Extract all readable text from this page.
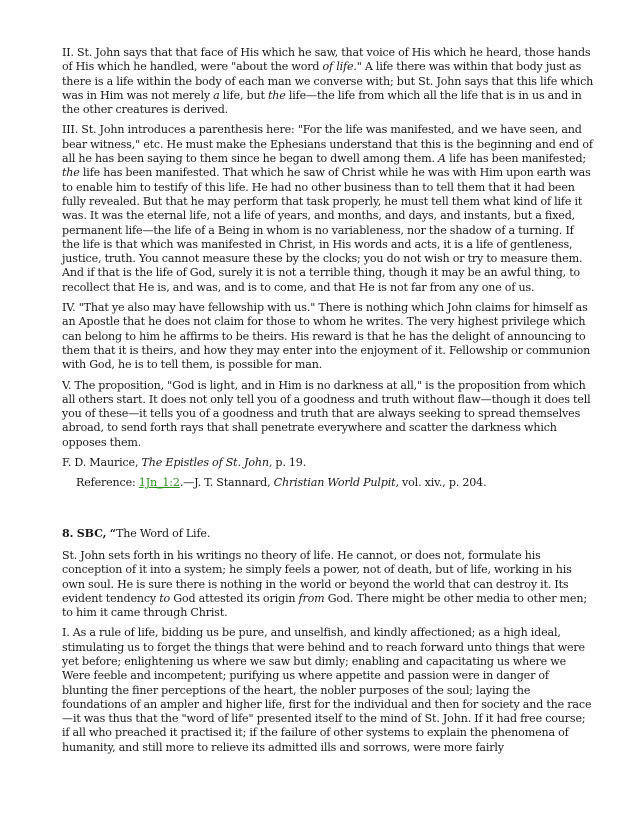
II. St. John says that that face of His which he saw, that voice of His which he heard, those hands of His which he handled, were "about the word of life." A life there was within that body just as there is a life within the body of each man we converse with; but St. John says that this life which was in Him was not merely a life, but the life—the life from which all the life that is in us and in the other creatures is derived.

III. St. John introduces a parenthesis here: "For the life was manifested, and we have seen, and bear witness," etc. He must make the Ephesians understand that this is the beginning and end of all he has been saying to them since he began to dwell among them. A life has been manifested; the life has been manifested. That which he saw of Christ while he was with Him upon earth was to enable him to testify of this life. He had no other business than to tell them that it had been fully revealed. But that he may perform that task properly, he must tell them what kind of life it was. It was the eternal life, not a life of years, and months, and days, and instants, but a fixed, permanent life—the life of a Being in whom is no variableness, nor the shadow of a turning. If the life is that which was manifested in Christ, in His words and acts, it is a life of gentleness, justice, truth. You cannot measure these by the clocks; you do not wish or try to measure them. And if that is the life of God, surely it is not a terrible thing, though it may be an awful thing, to recollect that He is, and was, and is to come, and that He is not far from any one of us.

IV. "That ye also may have fellowship with us." There is nothing which John claims for himself as an Apostle that he does not claim for those to whom he writes. The very highest privilege which can belong to him he affirms to be theirs. His reward is that he has the delight of announcing to them that it is theirs, and how they may enter into the enjoyment of it. Fellowship or communion with God, he is to tell them, is possible for man.

V. The proposition, "God is light, and in Him is no darkness at all," is the proposition from which all others start. It does not only tell you of a goodness and truth without flaw—though it does tell you of these—it tells you of a goodness and truth that are always seeking to spread themselves abroad, to send forth rays that shall penetrate everywhere and scatter the darkness which opposes them.

F. D. Maurice, The Epistles of St. John, p. 19.

Reference: 1Jn_1:2.—J. T. Stannard, Christian World Pulpit, vol. xiv., p. 204.

8. SBC, “The Word of Life.

St. John sets forth in his writings no theory of life. He cannot, or does not, formulate his conception of it into a system; he simply feels a power, not of death, but of life, working in his own soul. He is sure there is nothing in the world or beyond the world that can destroy it. Its evident tendency to God attested its origin from God. There might be other media to other men; to him it came through Christ.

I. As a rule of life, bidding us be pure, and unselfish, and kindly affectioned; as a high ideal, stimulating us to forget the things that were behind and to reach forward unto things that were yet before; enlightening us where we saw but dimly; enabling and capacitating us where we Were feeble and incompetent; purifying us where appetite and passion were in danger of blunting the finer perceptions of the heart, the nobler purposes of the soul; laying the foundations of an ampler and higher life, first for the individual and then for society and the race—it was thus that the "word of life" presented itself to the mind of St. John. If it had free course; if all who preached it practised it; if the failure of other systems to explain the phenomena of humanity, and still more to relieve its admitted ills and sorrows, were more fairly
